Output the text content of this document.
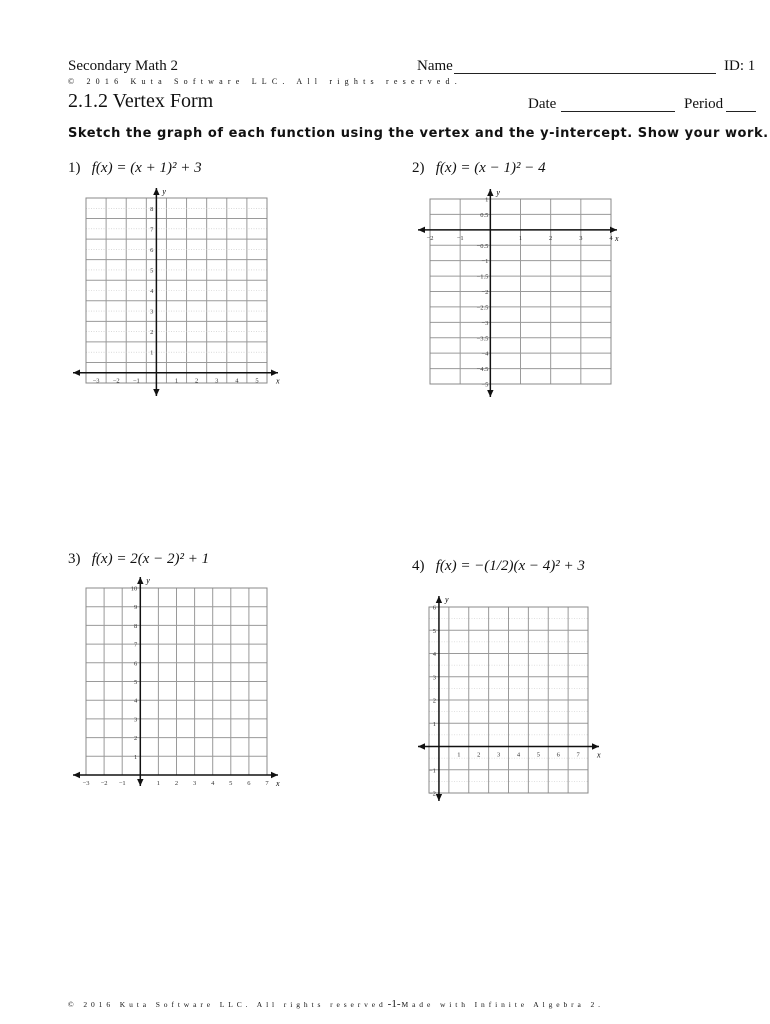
Secondary Math 2
© 2016 Kuta Software LLC. All rights reserved.
Name	ID: 1
2.1.2 Vertex Form	Date	Period
Sketch the graph of each function using the vertex and the y-intercept. Show your work.
1) f(x) = (x + 1)² + 3	2) f(x) = (x − 1)² − 4
3) f(x) = 2(x − 2)² + 1	4) f(x) = −(1/2)(x − 4)² + 3
x
y
−3 −2 −1	1	2	3	4	5
1
2
3
4
5
6
7
8
x
y
−2	−1	1	2	3	4
1
0.5
−0.5
−1
−1.5
−2
−2.5
−3
−3.5
−4
−4.5
−5
x
y
−3 −2 −1	1 2 3 4 5 6 7
1
2
3
4
5
6
7
8
9
10
x
y
1	2	3	4	5	6	7
−2
−1
1
2
3
4
5
6
© 2016 Kuta Software LLC. All rights reserved-1-Made with Infinite Algebra 2.
